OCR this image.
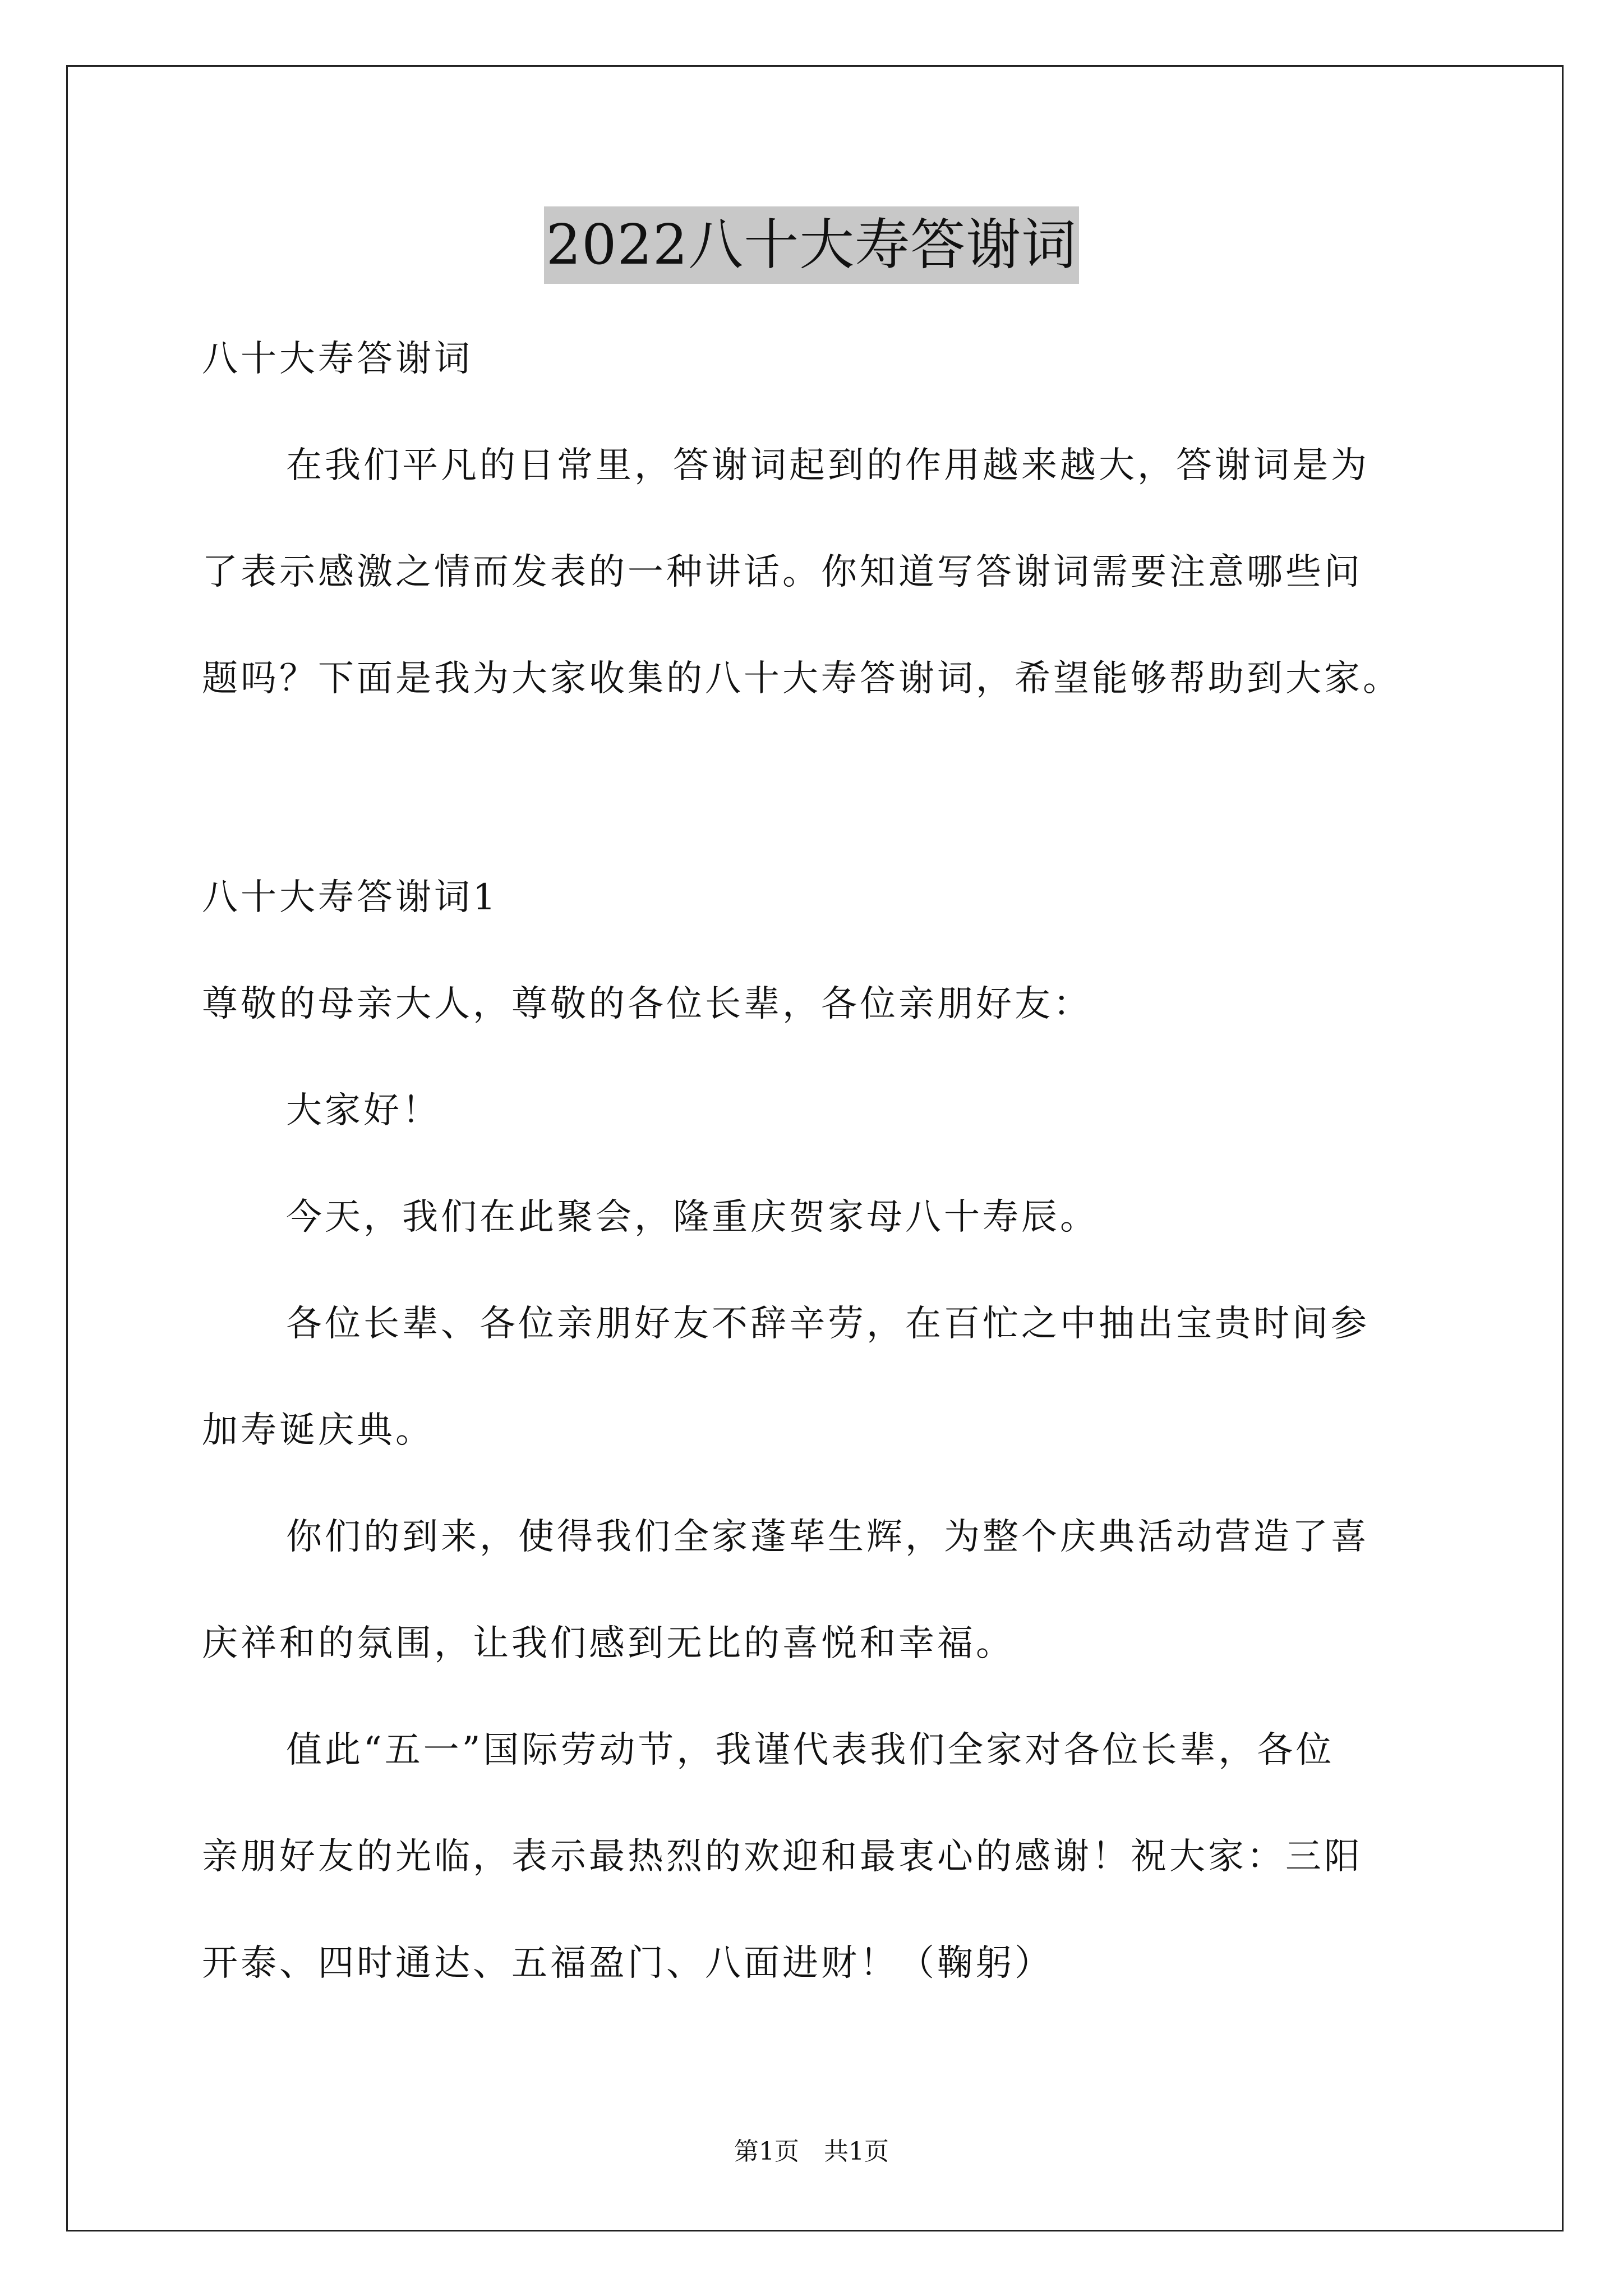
2022八十大寿答谢词
八十大寿答谢词
在我们平凡的日常里，答谢词起到的作用越来越大，答谢词是为
了表示感激之情而发表的一种讲话。你知道写答谢词需要注意哪些问
题吗？下面是我为大家收集的八十大寿答谢词，希望能够帮助到大家。
八十大寿答谢词1
尊敬的母亲大人，尊敬的各位长辈，各位亲朋好友：
大家好！
今天，我们在此聚会，隆重庆贺家母八十寿辰。
各位长辈、各位亲朋好友不辞辛劳，在百忙之中抽出宝贵时间参
加寿诞庆典。
你们的到来，使得我们全家蓬荜生辉，为整个庆典活动营造了喜
庆祥和的氛围，让我们感到无比的喜悦和幸福。
值此“五一”国际劳动节，我谨代表我们全家对各位长辈，各位
亲朋好友的光临，表示最热烈的欢迎和最衷心的感谢！祝大家：三阳
开泰、四时通达、五福盈门、八面进财！（鞠躬）
第1页　共1页
